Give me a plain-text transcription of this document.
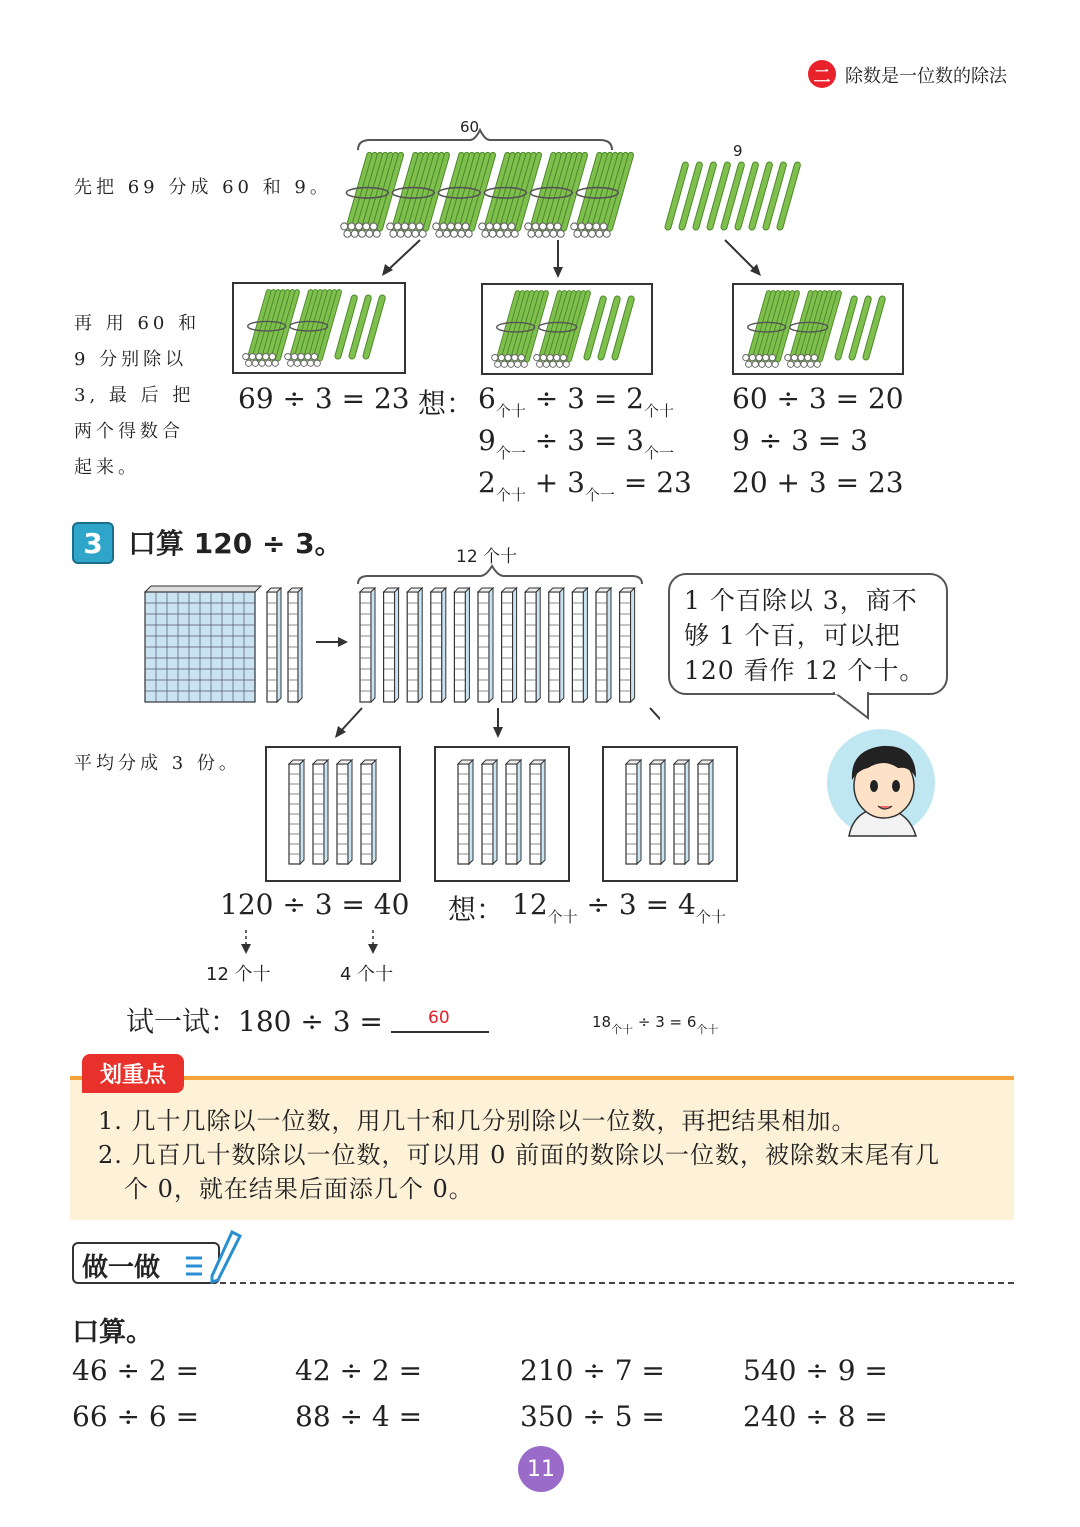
二 除数是一位数的除法
60
9
先把 69 分成 60 和 9。
再 用 60 和
9 分别除以
3, 最 后 把
两个得数合
起来。
69 ÷ 3 = 23 想： $6_{个十} \div 3 = 2_{个十}$
$9_{个一} \div 3 = 3_{个一}$
$2_{个十} + 3_{个一} = 23$
60 ÷ 3 = 20
9 ÷ 3 = 3
20 + 3 = 23
3 口算 120 ÷ 3。	12 个十
1 个百除以 3，商不
够 1 个百，可以把
120 看作 12 个十。
平均分成 3 份。
120 ÷ 3 = 40 想： $12_{个十} \div 3 = 4_{个十}$
12 个十	4 个十
试一试：180 ÷ 3 =	60	$18_{个十} \div 3 = 6_{个十}$
划重点
1. 几十几除以一位数，用几十和几分别除以一位数，再把结果相加。
2. 几百几十数除以一位数，可以用 0 前面的数除以一位数，被除数末尾有几
个 0，就在结果后面添几个 0。
做一做
口算。
46 ÷ 2 =	42 ÷ 2 =	210 ÷ 7 =	540 ÷ 9 =
66 ÷ 6 =	88 ÷ 4 =	350 ÷ 5 =	240 ÷ 8 =
11
